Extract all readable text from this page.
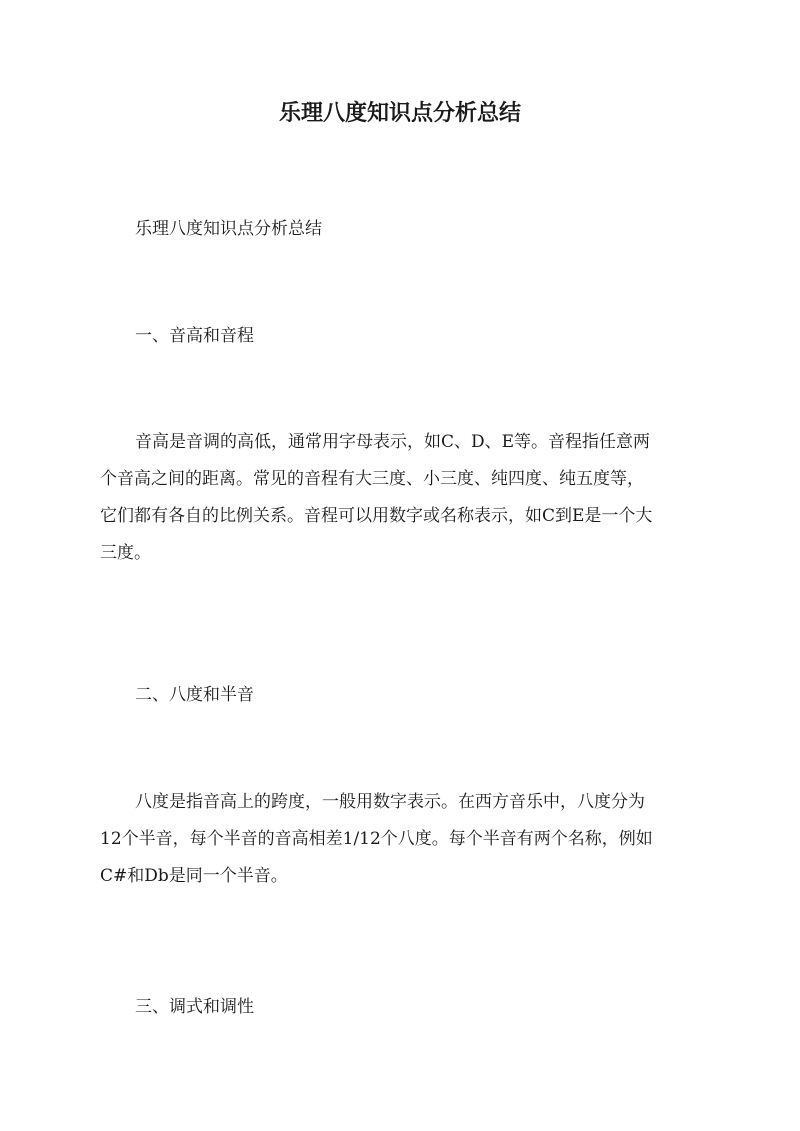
乐理八度知识点分析总结

乐理八度知识点分析总结

一、音高和音程

音高是音调的高低，通常用字母表示，如C、D、E等。音程指任意两
个音高之间的距离。常见的音程有大三度、小三度、纯四度、纯五度等，
它们都有各自的比例关系。音程可以用数字或名称表示，如C到E是一个大
三度。

二、八度和半音

八度是指音高上的跨度，一般用数字表示。在西方音乐中，八度分为
12个半音，每个半音的音高相差1/12个八度。每个半音有两个名称，例如
C#和Db是同一个半音。

三、调式和调性
